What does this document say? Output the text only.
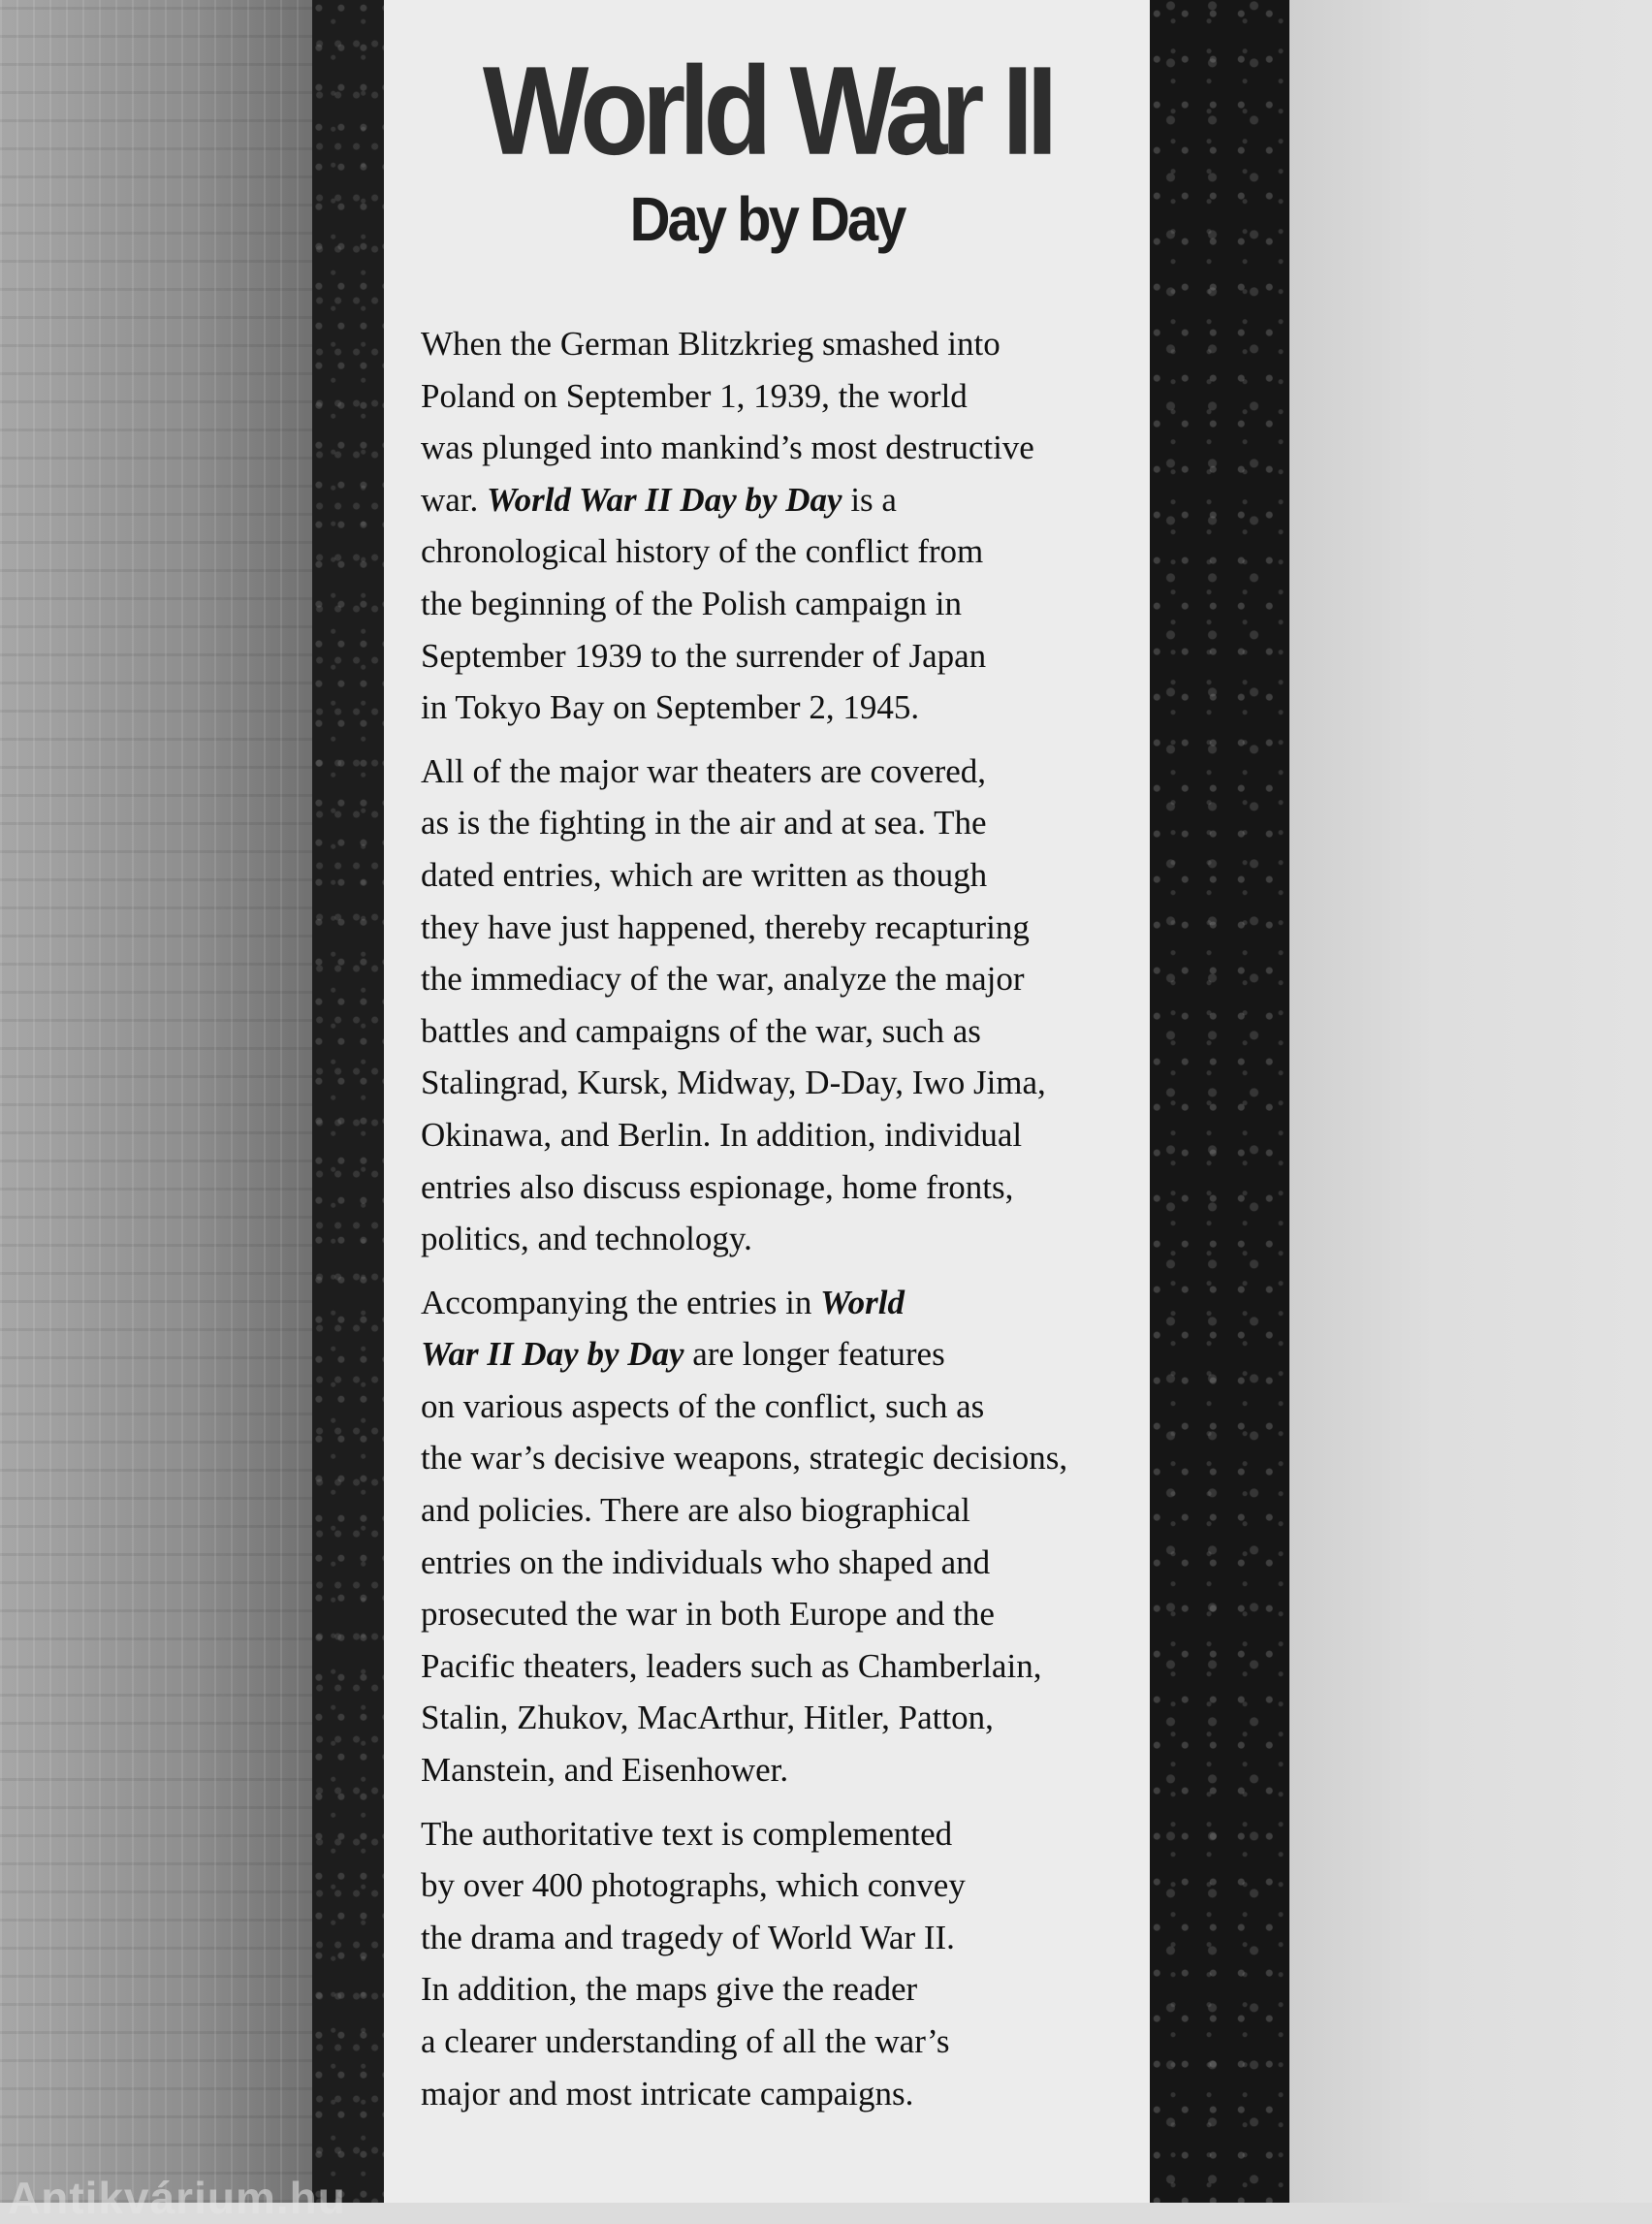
World War II
Day by Day

When the German Blitzkrieg smashed into
Poland on September 1, 1939, the world
was plunged into mankind’s most destructive
war. World War II Day by Day is a
chronological history of the conflict from
the beginning of the Polish campaign in
September 1939 to the surrender of Japan
in Tokyo Bay on September 2, 1945.

All of the major war theaters are covered,
as is the fighting in the air and at sea. The
dated entries, which are written as though
they have just happened, thereby recapturing
the immediacy of the war, analyze the major
battles and campaigns of the war, such as
Stalingrad, Kursk, Midway, D-Day, Iwo Jima,
Okinawa, and Berlin. In addition, individual
entries also discuss espionage, home fronts,
politics, and technology.

Accompanying the entries in World
War II Day by Day are longer features
on various aspects of the conflict, such as
the war’s decisive weapons, strategic decisions,
and policies. There are also biographical
entries on the individuals who shaped and
prosecuted the war in both Europe and the
Pacific theaters, leaders such as Chamberlain,
Stalin, Zhukov, MacArthur, Hitler, Patton,
Manstein, and Eisenhower.

The authoritative text is complemented
by over 400 photographs, which convey
the drama and tragedy of World War II.
In addition, the maps give the reader
a clearer understanding of all the war’s
major and most intricate campaigns.

Antikvárium.hu
